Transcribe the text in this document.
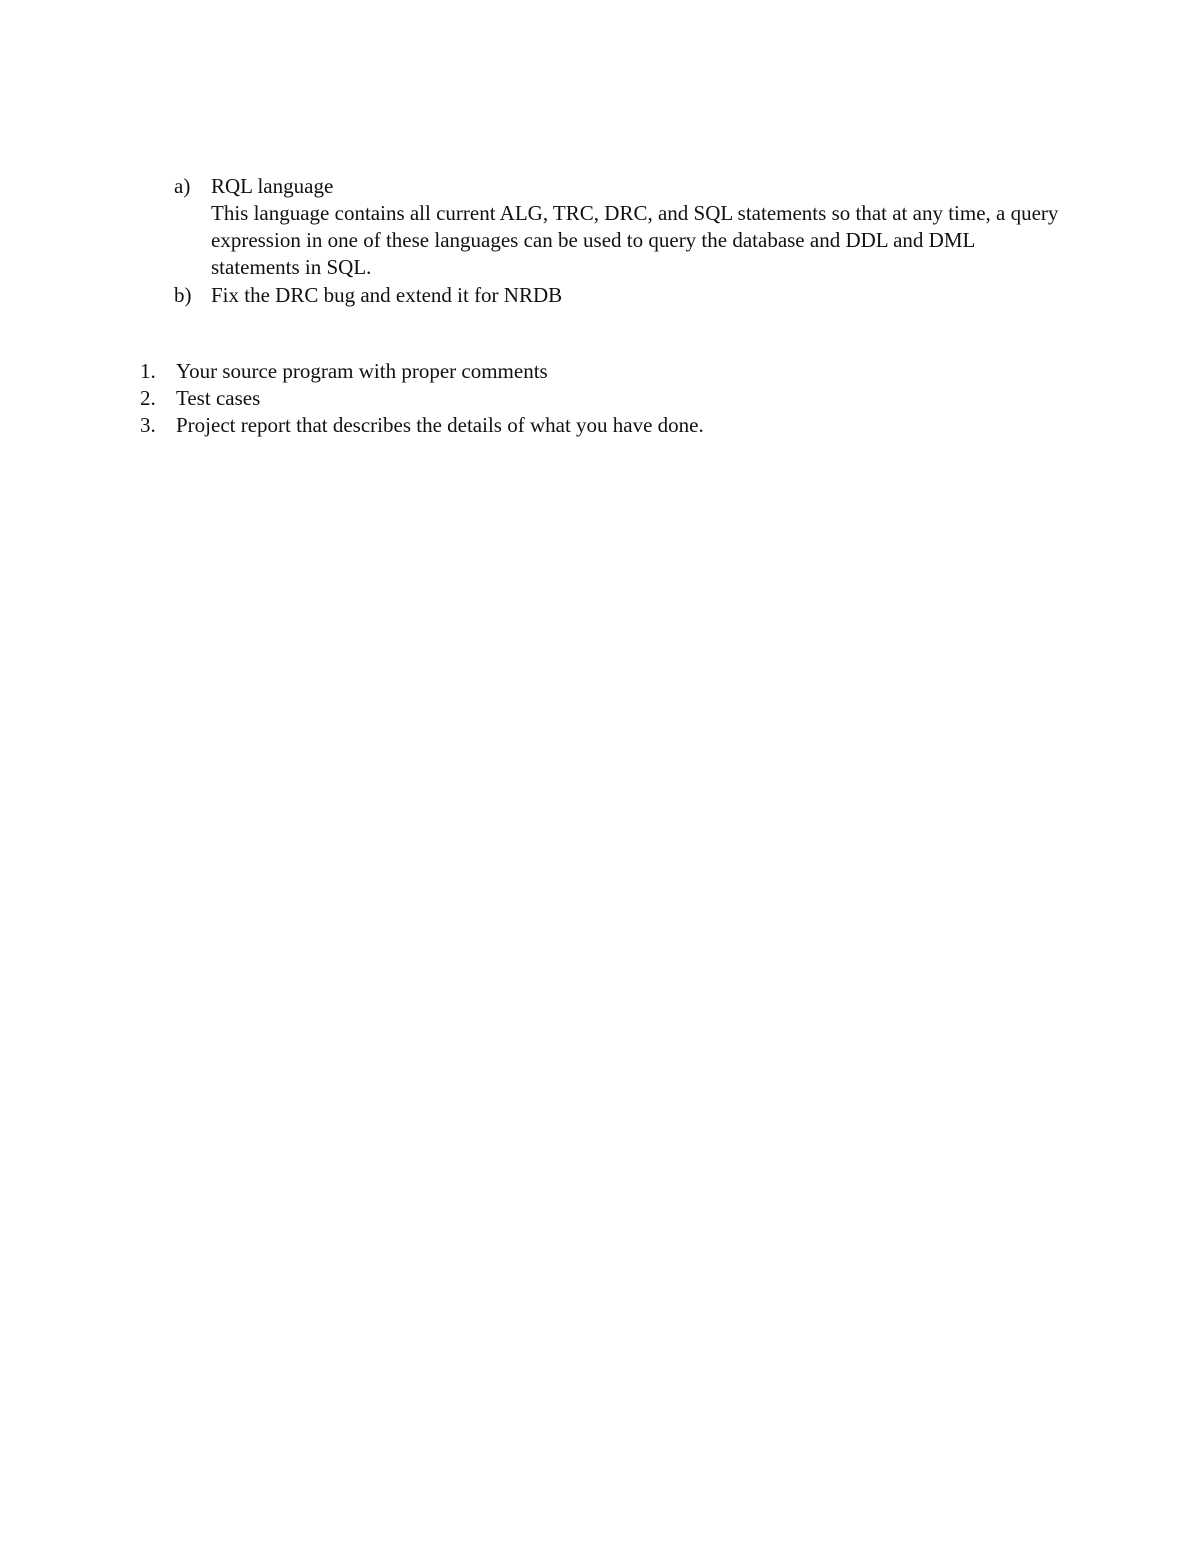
a) RQL language
This language contains all current ALG, TRC, DRC, and SQL statements so that at any time, a query expression in one of these languages can be used to query the database and DDL and DML statements in SQL.
b) Fix the DRC bug and extend it for NRDB
1. Your source program with proper comments
2. Test cases
3. Project report that describes the details of what you have done.
